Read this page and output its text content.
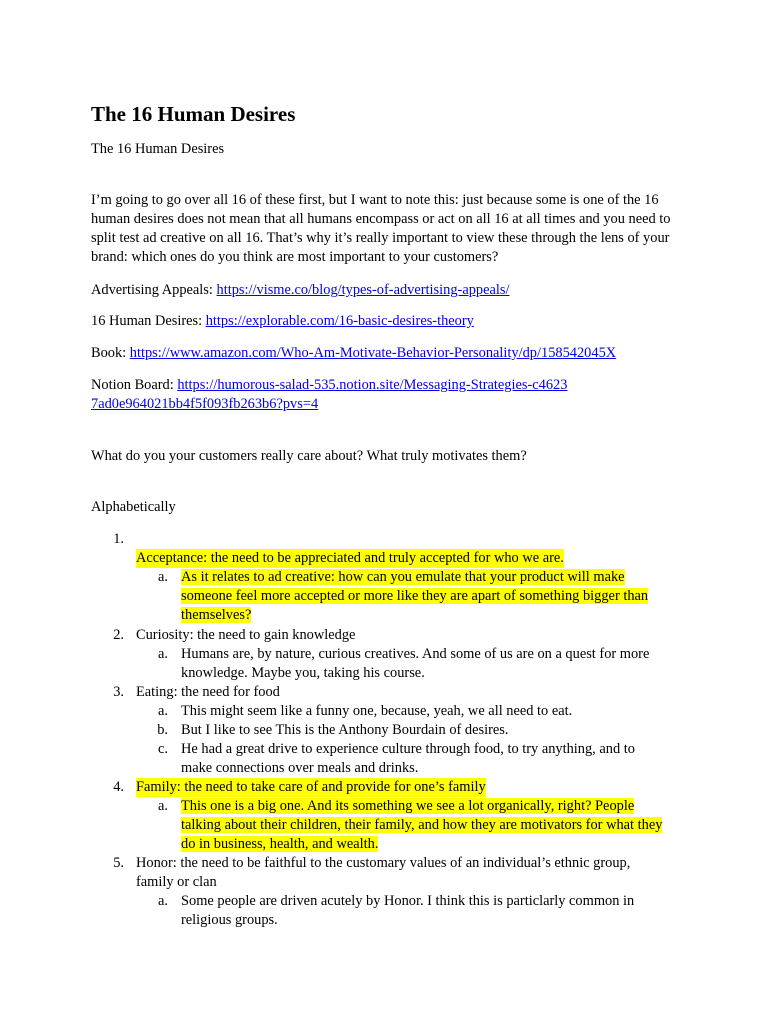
The 16 Human Desires

The 16 Human Desires

I’m going to go over all 16 of these first, but I want to note this: just because some is one of the 16 human desires does not mean that all humans encompass or act on all 16 at all times and you need to split test ad creative on all 16. That’s why it’s really important to view these through the lens of your brand: which ones do you think are most important to your customers?

Advertising Appeals: https://visme.co/blog/types-of-advertising-appeals/

16 Human Desires: https://explorable.com/16-basic-desires-theory

Book: https://www.amazon.com/Who-Am-Motivate-Behavior-Personality/dp/158542045X

Notion Board: https://humorous-salad-535.notion.site/Messaging-Strategies-c46237ad0e964021bb4f5f093fb263b6?pvs=4

What do you your customers really care about? What truly motivates them?

Alphabetically

1.
Acceptance: the need to be appreciated and truly accepted for who we are.
a. As it relates to ad creative: how can you emulate that your product will make someone feel more accepted or more like they are apart of something bigger than themselves?
2. Curiosity: the need to gain knowledge
a. Humans are, by nature, curious creatives. And some of us are on a quest for more knowledge. Maybe you, taking his course.
3. Eating: the need for food
a. This might seem like a funny one, because, yeah, we all need to eat.
b. But I like to see This is the Anthony Bourdain of desires.
c. He had a great drive to experience culture through food, to try anything, and to make connections over meals and drinks.
4. Family: the need to take care of and provide for one’s family
a. This one is a big one. And its something we see a lot organically, right? People talking about their children, their family, and how they are motivators for what they do in business, health, and wealth.
5. Honor: the need to be faithful to the customary values of an individual’s ethnic group, family or clan
a. Some people are driven acutely by Honor. I think this is particlarly common in religious groups.
